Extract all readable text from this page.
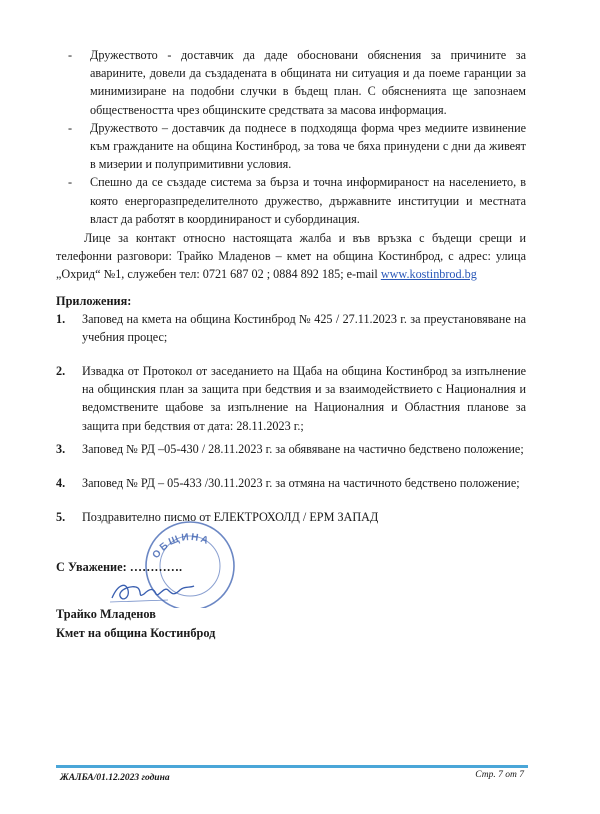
- Дружеството - доставчик да даде обосновани обяснения за причините за аварините, довели да създадената в общината ни ситуация и да поеме гаранции за минимизиране на подобни случки в бъдещ план. С обясненията ще запознаем обществеността чрез общинските средствата за масова информация.
- Дружеството – доставчик да поднесе в подходяща форма чрез медиите извинение към гражданите на община Костинброд, за това че бяха принудени с дни да живеят в мизерии и полупримитивни условия.
- Спешно да се създаде система за бърза и точна информираност на населението, в която енергоразпределителното дружество, държавните институции и местната власт да работят в координираност и субординация.

Лице за контакт относно настоящата жалба и във връзка с бъдещи срещи и телефонни разговори: Трайко Младенов – кмет на община Костинброд, с адрес: улица „Охрид“ №1, служебен тел: 0721 687 02 ; 0884 892 185; e-mail www.kostinbrod.bg

Приложения:

1.	Заповед на кмета на община Костинброд № 425 / 27.11.2023 г. за преустановяване на учебния процес;
2.	Извадка от Протокол от заседанието на Щаба на община Костинброд за изпълнение на общинския план за защита при бедствия и за взаимодействието с Националния и ведомствените щабове за изпълнение на Националния и Областния планове за защита при бедствия от дата: 28.11.2023 г.;
3.	Заповед № РД –05-430 / 28.11.2023 г. за обявяване на частично бедствено положение;
4.	Заповед № РД – 05-433 /30.11.2023 г. за отмяна на частичното бедствено положение;
5.	Поздравително писмо от ЕЛЕКТРОХОЛД / ЕРМ ЗАПАД
ОБЩИНА
С Уважение: ………….
Трайко Младенов
Кмет на община Костинброд
ЖАЛБА/01.12.2023 година	Стр. 7 от 7
